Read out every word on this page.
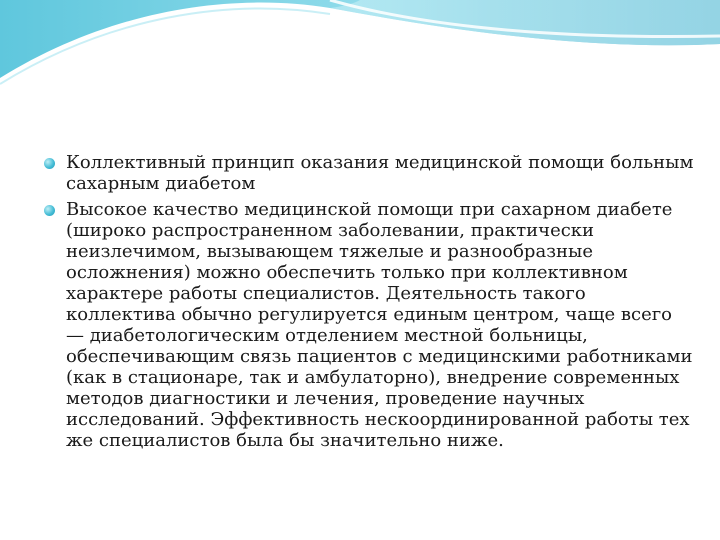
Коллективный принцип оказания медицинской помощи больным сахарным диабетом
Высокое качество медицинской помощи при сахарном диабете (широко распространенном заболевании, практически неизлечимом, вызывающем тяжелые и разнообразные осложнения) можно обеспечить только при коллективном характере работы специалистов. Деятельность такого коллектива обычно регулируется единым центром, чаще всего — диабетологическим отделением местной больницы, обеспечивающим связь пациентов с медицинскими работниками (как в стационаре, так и амбулаторно), внедрение современных методов диагностики и лечения, проведение научных исследований. Эффективность нескоординированной работы тех же специалистов была бы значительно ниже.
